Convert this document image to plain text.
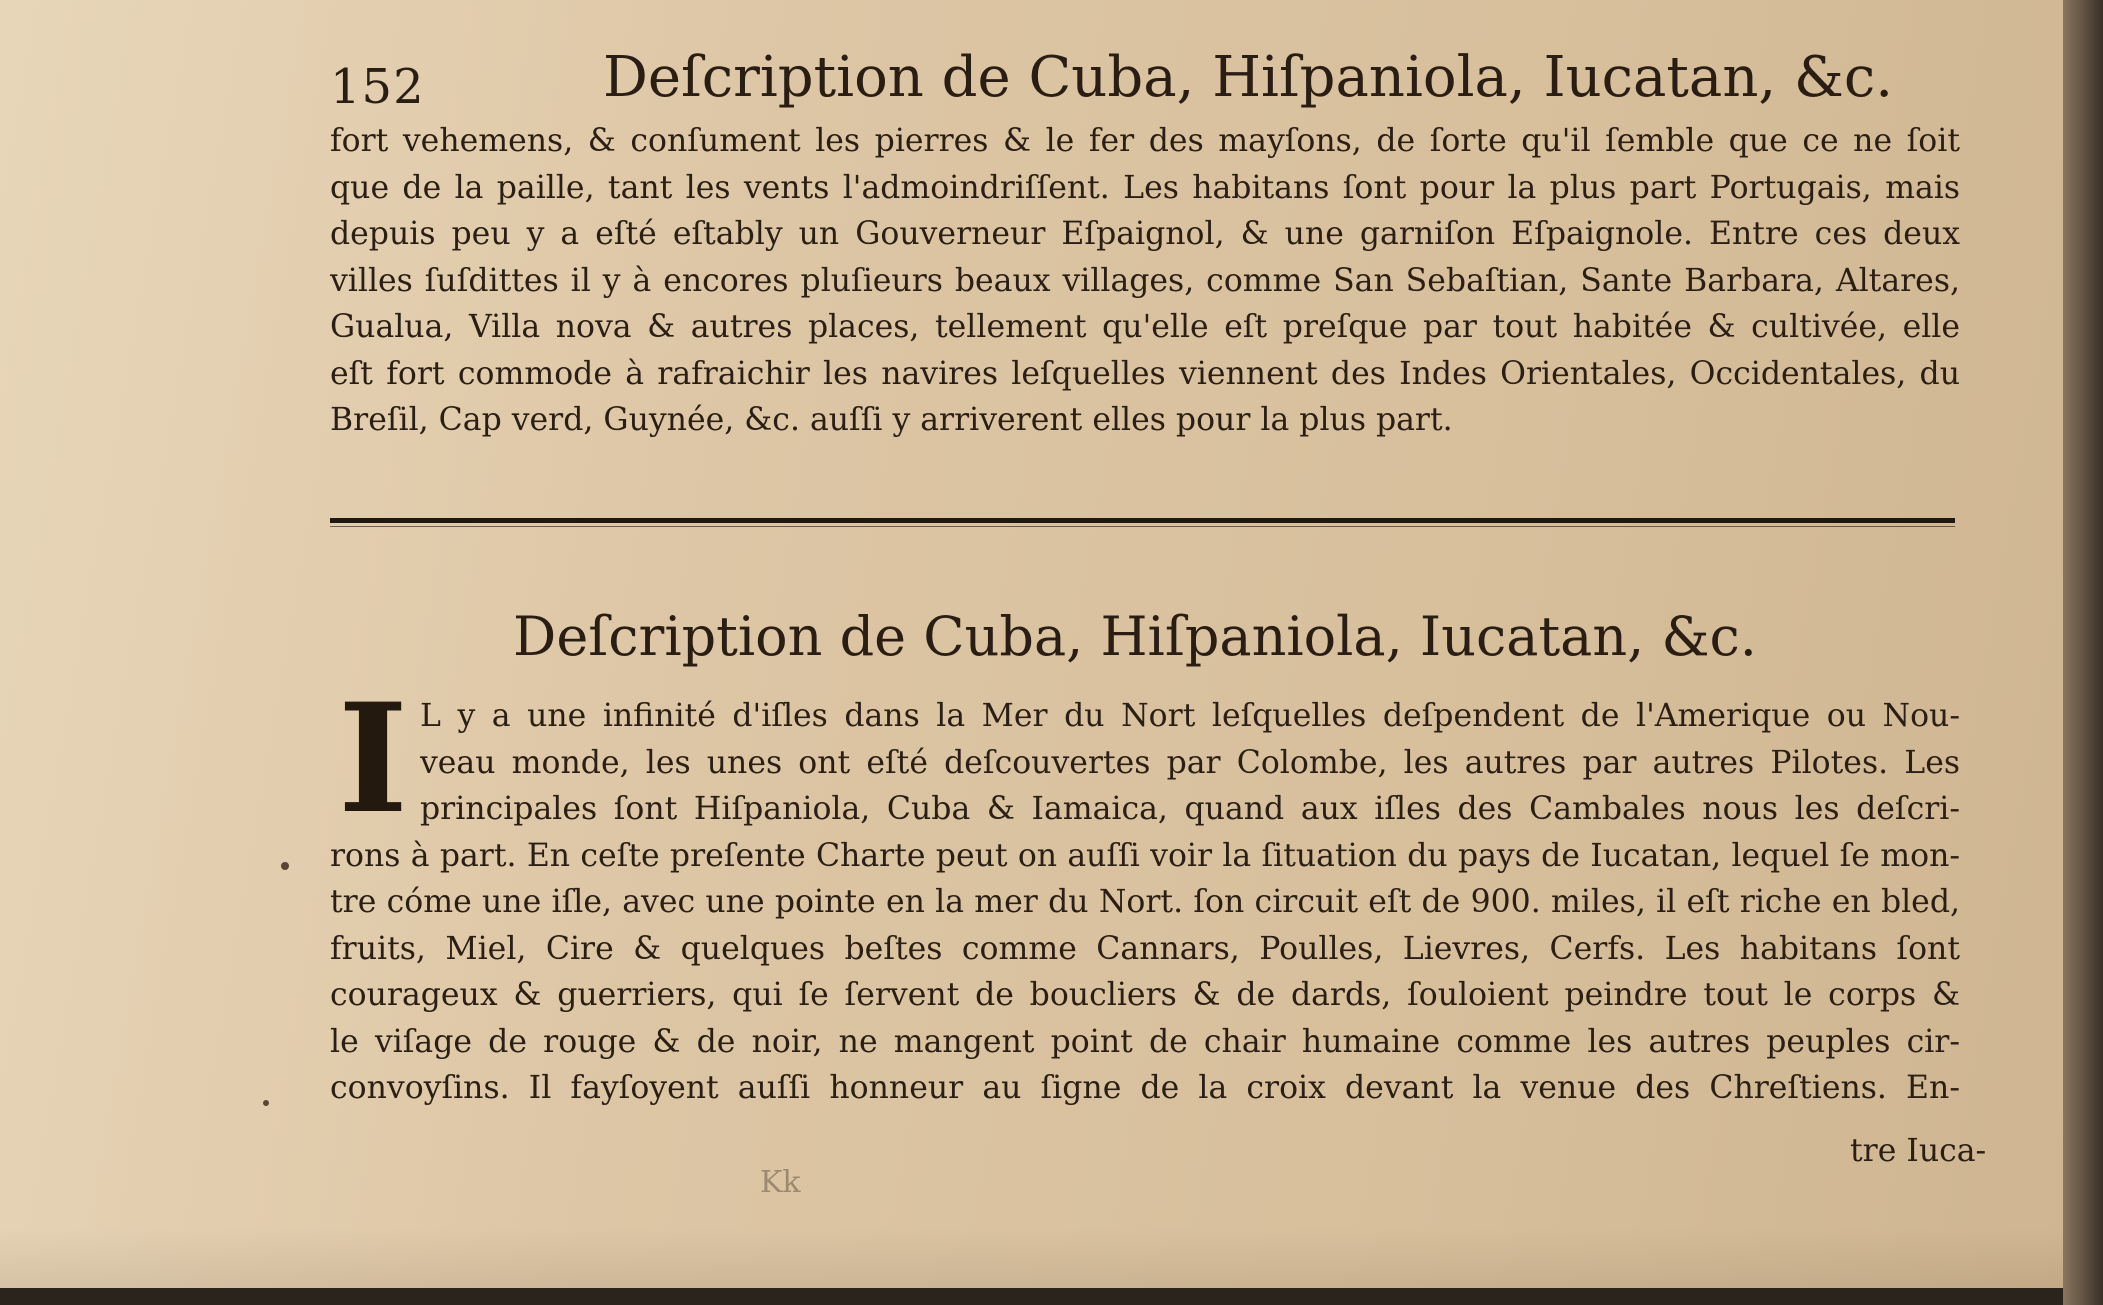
152	Deſcription de Cuba, Hiſpaniola, Iucatan, &c.
fort vehemens, & conſument les pierres & le fer des mayſons, de ſorte qu'il ſemble que ce ne ſoit
que de la paille, tant les vents l'admoindriſſent. Les habitans ſont pour la plus part Portugais, mais
depuis peu y a eſté eſtably un Gouverneur Eſpaignol, & une garniſon Eſpaignole. Entre ces deux
villes ſuſdittes il y à encores pluſieurs beaux villages, comme San Sebaſtian, Sante Barbara, Altares,
Gualua, Villa nova & autres places, tellement qu'elle eſt preſque par tout habitée & cultivée, elle
eſt fort commode à rafraichir les navires leſquelles viennent des Indes Orientales, Occidentales, du
Breſil, Cap verd, Guynée, &c. auſſi y arriverent elles pour la plus part.
Deſcription de Cuba, Hiſpaniola, Iucatan, &c.
I L y a une infinité d'iſles dans la Mer du Nort leſquelles deſpendent de l'Amerique ou Nou-
veau monde, les unes ont eſté deſcouvertes par Colombe, les autres par autres Pilotes. Les
principales ſont Hiſpaniola, Cuba & Iamaica, quand aux iſles des Cambales nous les deſcri-
rons à part. En ceſte preſente Charte peut on auſſi voir la ſituation du pays de Iucatan, lequel ſe mon-
tre cóme une iſle, avec une pointe en la mer du Nort. ſon circuit eſt de 900. miles, il eſt riche en bled,
fruits, Miel, Cire & quelques beſtes comme Cannars, Poulles, Lievres, Cerfs. Les habitans ſont
courageux & guerriers, qui ſe ſervent de boucliers & de dards, ſouloient peindre tout le corps &
le viſage de rouge & de noir, ne mangent point de chair humaine comme les autres peuples cir-
convoyſins. Il fayſoyent auſſi honneur au ſigne de la croix devant la venue des Chreſtiens. En-
tre Iuca-
Kk
